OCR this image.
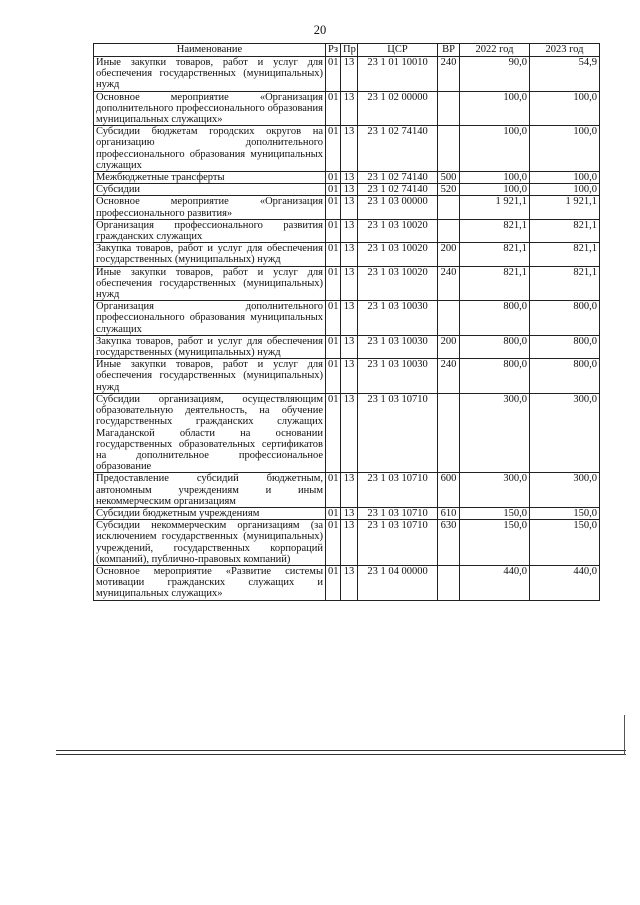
20
Наименование	Рз	Пр	ЦСР	ВР	2022 год	2023 год
Иные закупки товаров, работ и услуг для обеспечения государственных (муниципальных) нужд	01	13	23 1 01 10010	240	90,0	54,9
Основное мероприятие «Организация дополнительного профессионального образования муниципальных служащих»	01	13	23 1 02 00000		100,0	100,0
Субсидии бюджетам городских округов на организацию дополнительного профессионального образования муниципальных служащих	01	13	23 1 02 74140		100,0	100,0
Межбюджетные трансферты	01	13	23 1 02 74140	500	100,0	100,0
Субсидии	01	13	23 1 02 74140	520	100,0	100,0
Основное мероприятие «Организация профессионального развития»	01	13	23 1 03 00000		1 921,1	1 921,1
Организация профессионального развития гражданских служащих	01	13	23 1 03 10020		821,1	821,1
Закупка товаров, работ и услуг для обеспечения государственных (муниципальных) нужд	01	13	23 1 03 10020	200	821,1	821,1
Иные закупки товаров, работ и услуг для обеспечения государственных (муниципальных) нужд	01	13	23 1 03 10020	240	821,1	821,1
Организация дополнительного профессионального образования муниципальных служащих	01	13	23 1 03 10030		800,0	800,0
Закупка товаров, работ и услуг для обеспечения государственных (муниципальных) нужд	01	13	23 1 03 10030	200	800,0	800,0
Иные закупки товаров, работ и услуг для обеспечения государственных (муниципальных) нужд	01	13	23 1 03 10030	240	800,0	800,0
Субсидии организациям, осуществляющим образовательную деятельность, на обучение государственных гражданских служащих Магаданской области на основании государственных образовательных сертификатов на дополнительное профессиональное образование	01	13	23 1 03 10710		300,0	300,0
Предоставление субсидий бюджетным, автономным учреждениям и иным некоммерческим организациям	01	13	23 1 03 10710	600	300,0	300,0
Субсидии бюджетным учреждениям	01	13	23 1 03 10710	610	150,0	150,0
Субсидии некоммерческим организациям (за исключением государственных (муниципальных) учреждений, государственных корпораций (компаний), публично-правовых компаний)	01	13	23 1 03 10710	630	150,0	150,0
Основное мероприятие «Развитие системы мотивации гражданских служащих и муниципальных служащих»	01	13	23 1 04 00000		440,0	440,0
